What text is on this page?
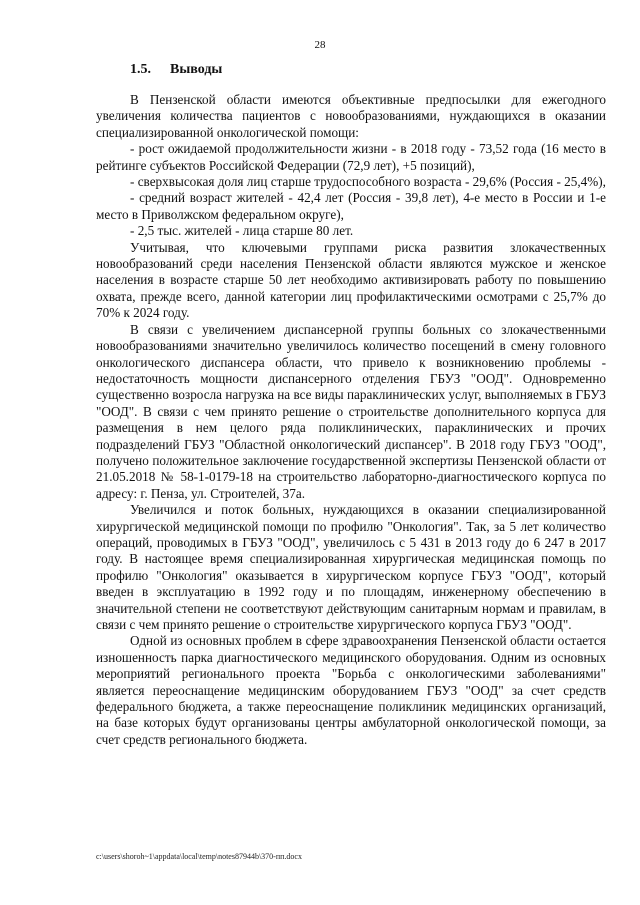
28
1.5. Выводы

В Пензенской области имеются объективные предпосылки для ежегодного увеличения количества пациентов с новообразованиями, нуждающихся в оказании специализированной онкологической помощи:

- рост ожидаемой продолжительности жизни - в 2018 году - 73,52 года (16 место в рейтинге субъектов Российской Федерации (72,9 лет), +5 позиций),

- сверхвысокая доля лиц старше трудоспособного возраста - 29,6% (Россия - 25,4%),

- средний возраст жителей - 42,4 лет (Россия - 39,8 лет), 4-е место в России и 1-е место в Приволжском федеральном округе),

- 2,5 тыс. жителей - лица старше 80 лет.

Учитывая, что ключевыми группами риска развития злокачественных новообразований среди населения Пензенской области являются мужское и женское населения в возрасте старше 50 лет необходимо активизировать работу по повышению охвата, прежде всего, данной категории лиц профилактическими осмотрами с 25,7% до 70% к 2024 году.

В связи с увеличением диспансерной группы больных со злокачественными новообразованиями значительно увеличилось количество посещений в смену головного онкологического диспансера области, что привело к возникновению проблемы - недостаточность мощности диспансерного отделения ГБУЗ "ООД". Одновременно существенно возросла нагрузка на все виды параклинических услуг, выполняемых в ГБУЗ "ООД". В связи с чем принято решение о строительстве дополнительного корпуса для размещения в нем целого ряда поликлинических, параклинических и прочих подразделений ГБУЗ "Областной онкологический диспансер". В 2018 году ГБУЗ "ООД", получено положительное заключение государственной экспертизы Пензенской области от 21.05.2018 № 58-1-0179-18 на строительство лабораторно-диагностического корпуса по адресу: г. Пенза, ул. Строителей, 37а.

Увеличился и поток больных, нуждающихся в оказании специализированной хирургической медицинской помощи по профилю "Онкология". Так, за 5 лет количество операций, проводимых в ГБУЗ "ООД", увеличилось с 5 431 в 2013 году до 6 247 в 2017 году. В настоящее время специализированная хирургическая медицинская помощь по профилю "Онкология" оказывается в хирургическом корпусе ГБУЗ "ООД", который введен в эксплуатацию в 1992 году и по площадям, инженерному обеспечению в значительной степени не соответствуют действующим санитарным нормам и правилам, в связи с чем принято решение о строительстве хирургического корпуса ГБУЗ "ООД".

Одной из основных проблем в сфере здравоохранения Пензенской области остается изношенность парка диагностического медицинского оборудования. Одним из основных мероприятий регионального проекта "Борьба с онкологическими заболеваниями" является переоснащение медицинским оборудованием ГБУЗ "ООД" за счет средств федерального бюджета, а также переоснащение поликлиник медицинских организаций, на базе которых будут организованы центры амбулаторной онкологической помощи, за счет средств регионального бюджета.

c:\users\shoroh~1\appdata\local\temp\notes87944b\370-пп.docx
